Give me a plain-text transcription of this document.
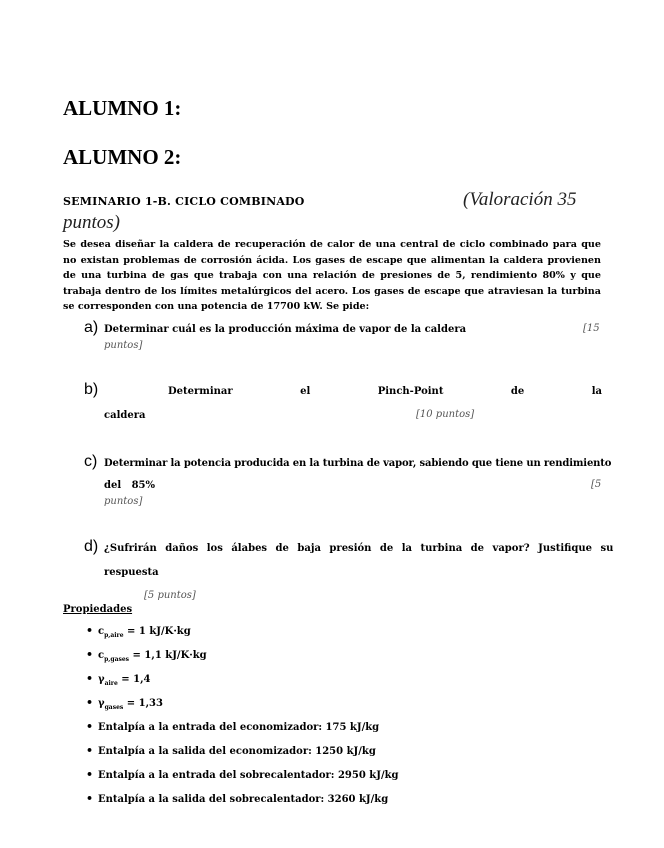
ALUMNO 1:
ALUMNO 2:
SEMINARIO 1-B. CICLO COMBINADO	(Valoración 35
puntos)
Se desea diseñar la caldera de recuperación de calor de una central de ciclo combinado para que no existan problemas de corrosión ácida. Los gases de escape que alimentan la caldera provienen de una turbina de gas que trabaja con una relación de presiones de 5, rendimiento 80% y que trabaja dentro de los límites metalúrgicos del acero. Los gases de escape que atraviesan la turbina se corresponden con una potencia de 17700 kW. Se pide:
a) Determinar cuál es la producción máxima de vapor de la caldera	[15
puntos]
b)	Determinar	el	Pinch-Point	de	la
caldera	[10 puntos]
c) Determinar la potencia producida en la turbina de vapor, sabiendo que tiene un rendimiento
del   85%	[5
puntos]
d) ¿Sufrirán daños los álabes de baja presión de la turbina de vapor? Justifique su
respuesta
[5 puntos]
Propiedades
• $c_{p,aire} = 1$ kJ/K·kg
• $c_{p,gases} = 1,1$ kJ/K·kg
• $\gamma_{aire} = 1,4$
• $\gamma_{gases} = 1,33$
• Entalpía a la entrada del economizador: 175 kJ/kg
• Entalpía a la salida del economizador: 1250 kJ/kg
• Entalpía a la entrada del sobrecalentador: 2950 kJ/kg
• Entalpía a la salida del sobrecalentador: 3260 kJ/kg
